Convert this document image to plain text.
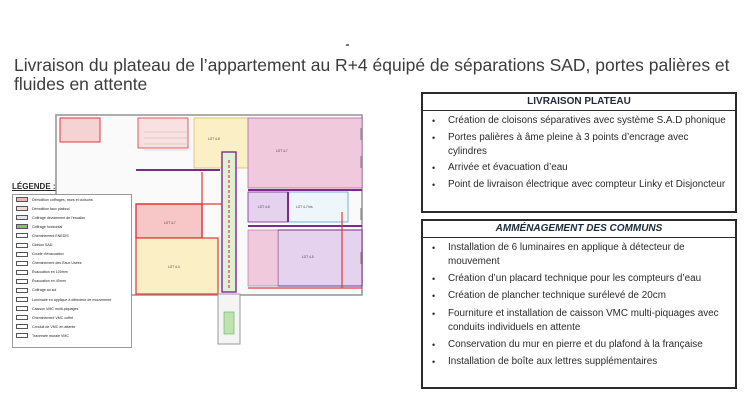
Livraison du plateau de l’appartement au R+4 équipé de séparations SAD, portes palières et fluides en attente
LOT 4-7
LOT 4-8
LOT 4-7
LOT 4-7 bis
LOT 4-6
LOT 4-5
LOT 4-4
LÉGENDE :
Démolition coffrages, murs et cloisons
Démolition faux plafond
Coffrage dévoiement de l'escalier
Coffrage horizontal
Cheminement ENEDIS
Cloison SAD
Coude d'évacuation
Cheminement des Eaux Usées
Évacuation en 100mm
Évacuation en 40mm
Coffrage au sol
Luminaire en applique à détecteur de mouvement
Caisson VMC multi-piquages
Cheminement VMC coffré
Conduit de VMC en attente
Traversée murale VMC
LIVRAISON PLATEAU
• Création de cloisons séparatives avec système S.A.D phonique
• Portes palières à âme pleine à 3 points d’encrage avec cylindres
• Arrivée et évacuation d’eau
• Point de livraison électrique avec compteur Linky et Disjoncteur
AMMÉNAGEMENT DES COMMUNS
• Installation de 6 luminaires en applique à détecteur de mouvement
• Création d’un placard technique pour les compteurs d’eau
• Création de plancher technique surélevé de 20cm
• Fourniture et installation de caisson VMC multi-piquages avec conduits individuels en attente
• Conservation du mur en pierre et du plafond à la française
• Installation de boîte aux lettres supplémentaires
